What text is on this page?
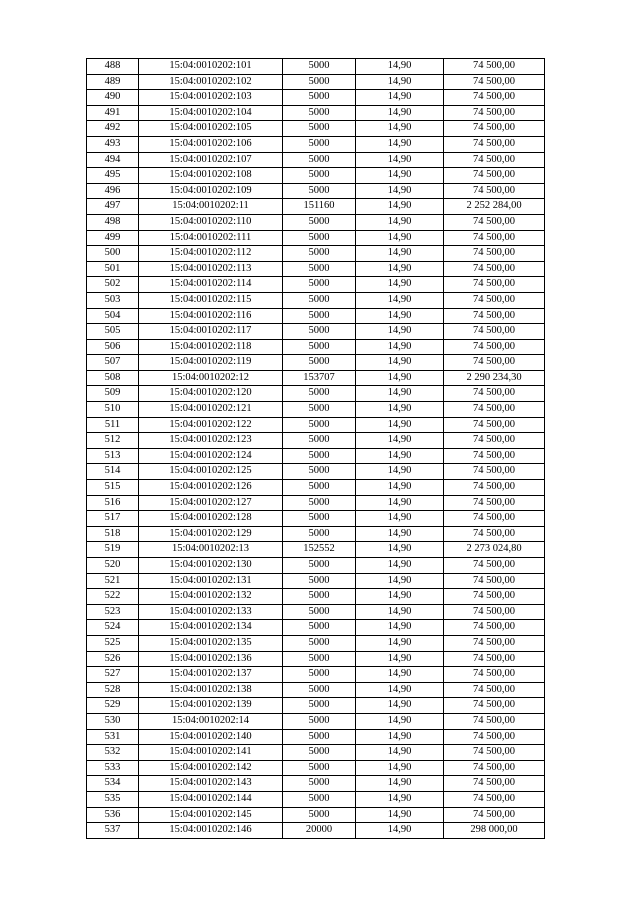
488	15:04:0010202:101	5000	14,90	74 500,00
489	15:04:0010202:102	5000	14,90	74 500,00
490	15:04:0010202:103	5000	14,90	74 500,00
491	15:04:0010202:104	5000	14,90	74 500,00
492	15:04:0010202:105	5000	14,90	74 500,00
493	15:04:0010202:106	5000	14,90	74 500,00
494	15:04:0010202:107	5000	14,90	74 500,00
495	15:04:0010202:108	5000	14,90	74 500,00
496	15:04:0010202:109	5000	14,90	74 500,00
497	15:04:0010202:11	151160	14,90	2 252 284,00
498	15:04:0010202:110	5000	14,90	74 500,00
499	15:04:0010202:111	5000	14,90	74 500,00
500	15:04:0010202:112	5000	14,90	74 500,00
501	15:04:0010202:113	5000	14,90	74 500,00
502	15:04:0010202:114	5000	14,90	74 500,00
503	15:04:0010202:115	5000	14,90	74 500,00
504	15:04:0010202:116	5000	14,90	74 500,00
505	15:04:0010202:117	5000	14,90	74 500,00
506	15:04:0010202:118	5000	14,90	74 500,00
507	15:04:0010202:119	5000	14,90	74 500,00
508	15:04:0010202:12	153707	14,90	2 290 234,30
509	15:04:0010202:120	5000	14,90	74 500,00
510	15:04:0010202:121	5000	14,90	74 500,00
511	15:04:0010202:122	5000	14,90	74 500,00
512	15:04:0010202:123	5000	14,90	74 500,00
513	15:04:0010202:124	5000	14,90	74 500,00
514	15:04:0010202:125	5000	14,90	74 500,00
515	15:04:0010202:126	5000	14,90	74 500,00
516	15:04:0010202:127	5000	14,90	74 500,00
517	15:04:0010202:128	5000	14,90	74 500,00
518	15:04:0010202:129	5000	14,90	74 500,00
519	15:04:0010202:13	152552	14,90	2 273 024,80
520	15:04:0010202:130	5000	14,90	74 500,00
521	15:04:0010202:131	5000	14,90	74 500,00
522	15:04:0010202:132	5000	14,90	74 500,00
523	15:04:0010202:133	5000	14,90	74 500,00
524	15:04:0010202:134	5000	14,90	74 500,00
525	15:04:0010202:135	5000	14,90	74 500,00
526	15:04:0010202:136	5000	14,90	74 500,00
527	15:04:0010202:137	5000	14,90	74 500,00
528	15:04:0010202:138	5000	14,90	74 500,00
529	15:04:0010202:139	5000	14,90	74 500,00
530	15:04:0010202:14	5000	14,90	74 500,00
531	15:04:0010202:140	5000	14,90	74 500,00
532	15:04:0010202:141	5000	14,90	74 500,00
533	15:04:0010202:142	5000	14,90	74 500,00
534	15:04:0010202:143	5000	14,90	74 500,00
535	15:04:0010202:144	5000	14,90	74 500,00
536	15:04:0010202:145	5000	14,90	74 500,00
537	15:04:0010202:146	20000	14,90	298 000,00
